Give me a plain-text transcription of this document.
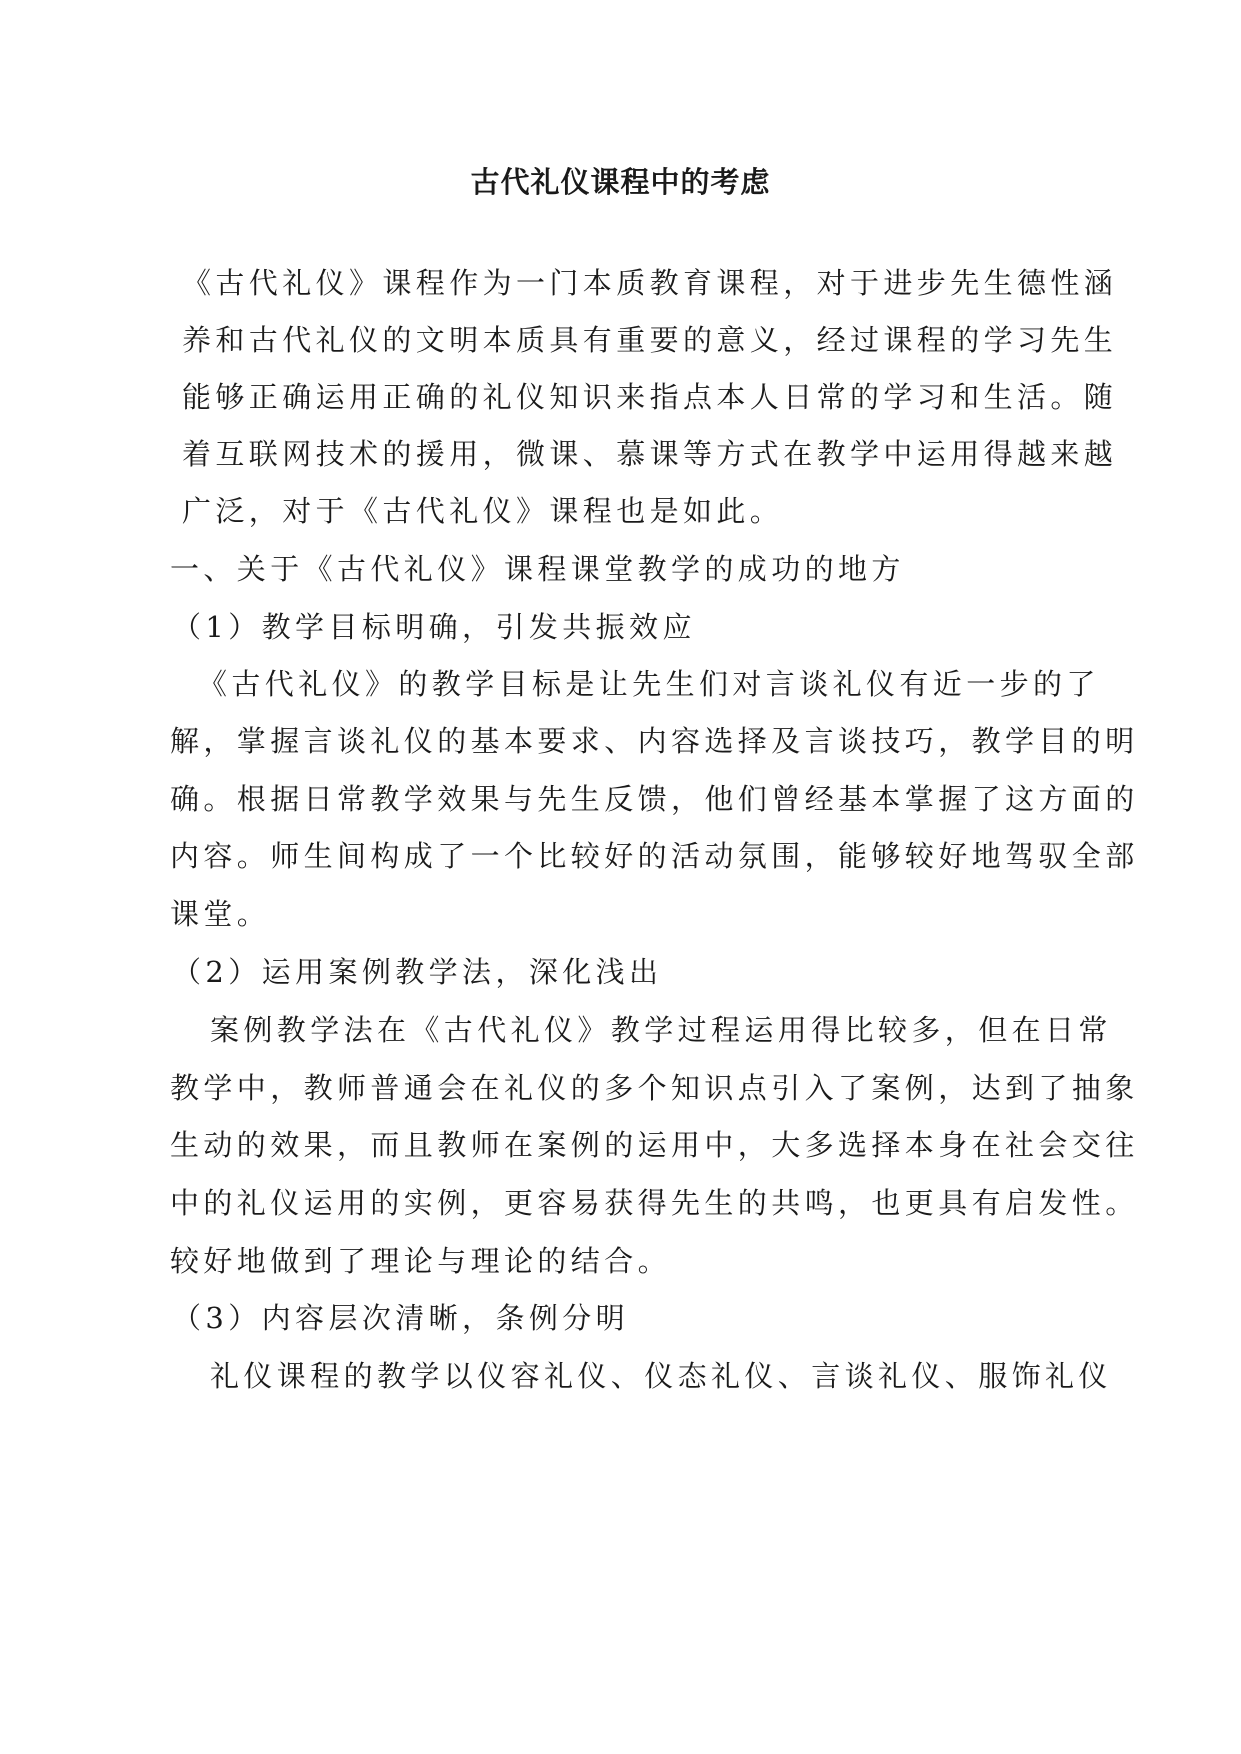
古代礼仪课程中的考虑
《古代礼仪》课程作为一门本质教育课程，对于进步先生德性涵
养和古代礼仪的文明本质具有重要的意义，经过课程的学习先生
能够正确运用正确的礼仪知识来指点本人日常的学习和生活。随
着互联网技术的援用，微课、慕课等方式在教学中运用得越来越
广泛，对于《古代礼仪》课程也是如此。
一、关于《古代礼仪》课程课堂教学的成功的地方
（1）教学目标明确，引发共振效应
《古代礼仪》的教学目标是让先生们对言谈礼仪有近一步的了
解，掌握言谈礼仪的基本要求、内容选择及言谈技巧，教学目的明
确。根据日常教学效果与先生反馈，他们曾经基本掌握了这方面的
内容。师生间构成了一个比较好的活动氛围，能够较好地驾驭全部
课堂。
（2）运用案例教学法，深化浅出
案例教学法在《古代礼仪》教学过程运用得比较多，但在日常
教学中，教师普通会在礼仪的多个知识点引入了案例，达到了抽象
生动的效果，而且教师在案例的运用中，大多选择本身在社会交往
中的礼仪运用的实例，更容易获得先生的共鸣，也更具有启发性。
较好地做到了理论与理论的结合。
（3）内容层次清晰，条例分明
礼仪课程的教学以仪容礼仪、仪态礼仪、言谈礼仪、服饰礼仪
